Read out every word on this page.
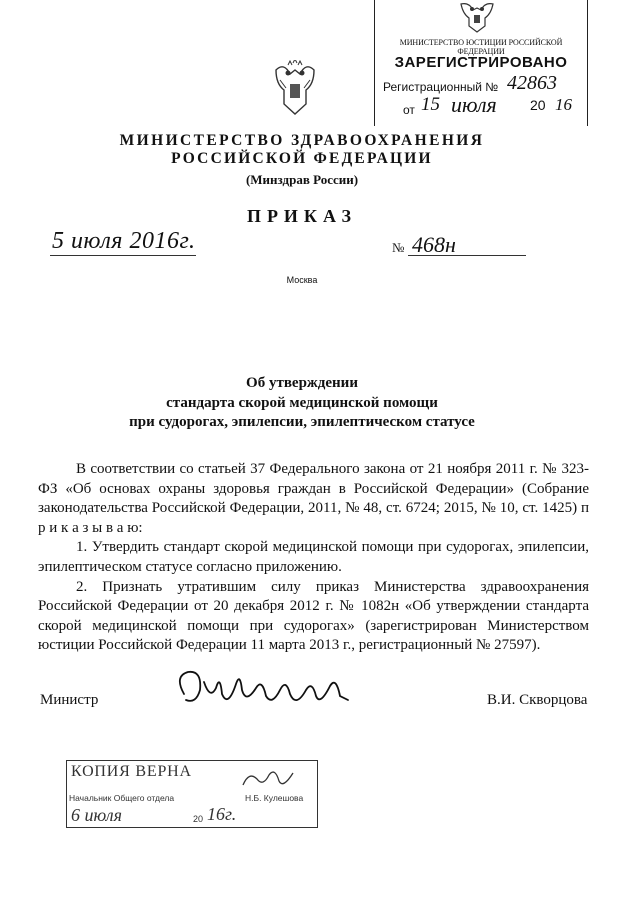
МИНИСТЕРСТВО ЮСТИЦИИ РОССИЙСКОЙ ФЕДЕРАЦИИ
ЗАРЕГИСТРИРОВАНО
Регистрационный № 42863
от 15 июля 20 16
МИНИСТЕРСТВО ЗДРАВООХРАНЕНИЯ
РОССИЙСКОЙ ФЕДЕРАЦИИ
(Минздрав России)
ПРИКАЗ
5 июля 2016г.	№ 468н
Москва
Об утверждении
стандарта скорой медицинской помощи
при судорогах, эпилепсии, эпилептическом статусе

В соответствии со статьей 37 Федерального закона от 21 ноября 2011 г. № 323-ФЗ «Об основах охраны здоровья граждан в Российской Федерации» (Собрание законодательства Российской Федерации, 2011, № 48, ст. 6724; 2015, № 10, ст. 1425) п р и к а з ы в а ю:

1. Утвердить стандарт скорой медицинской помощи при судорогах, эпилепсии, эпилептическом статусе согласно приложению.

2. Признать утратившим силу приказ Министерства здравоохранения Российской Федерации от 20 декабря 2012 г. № 1082н «Об утверждении стандарта скорой медицинской помощи при судорогах» (зарегистрирован Министерством юстиции Российской Федерации 11 марта 2013 г., регистрационный № 27597).

Министр	В.И. Скворцова
КОПИЯ ВЕРНА
Начальник Общего отдела	Н.Б. Кулешова
6 июля	20 16г.
